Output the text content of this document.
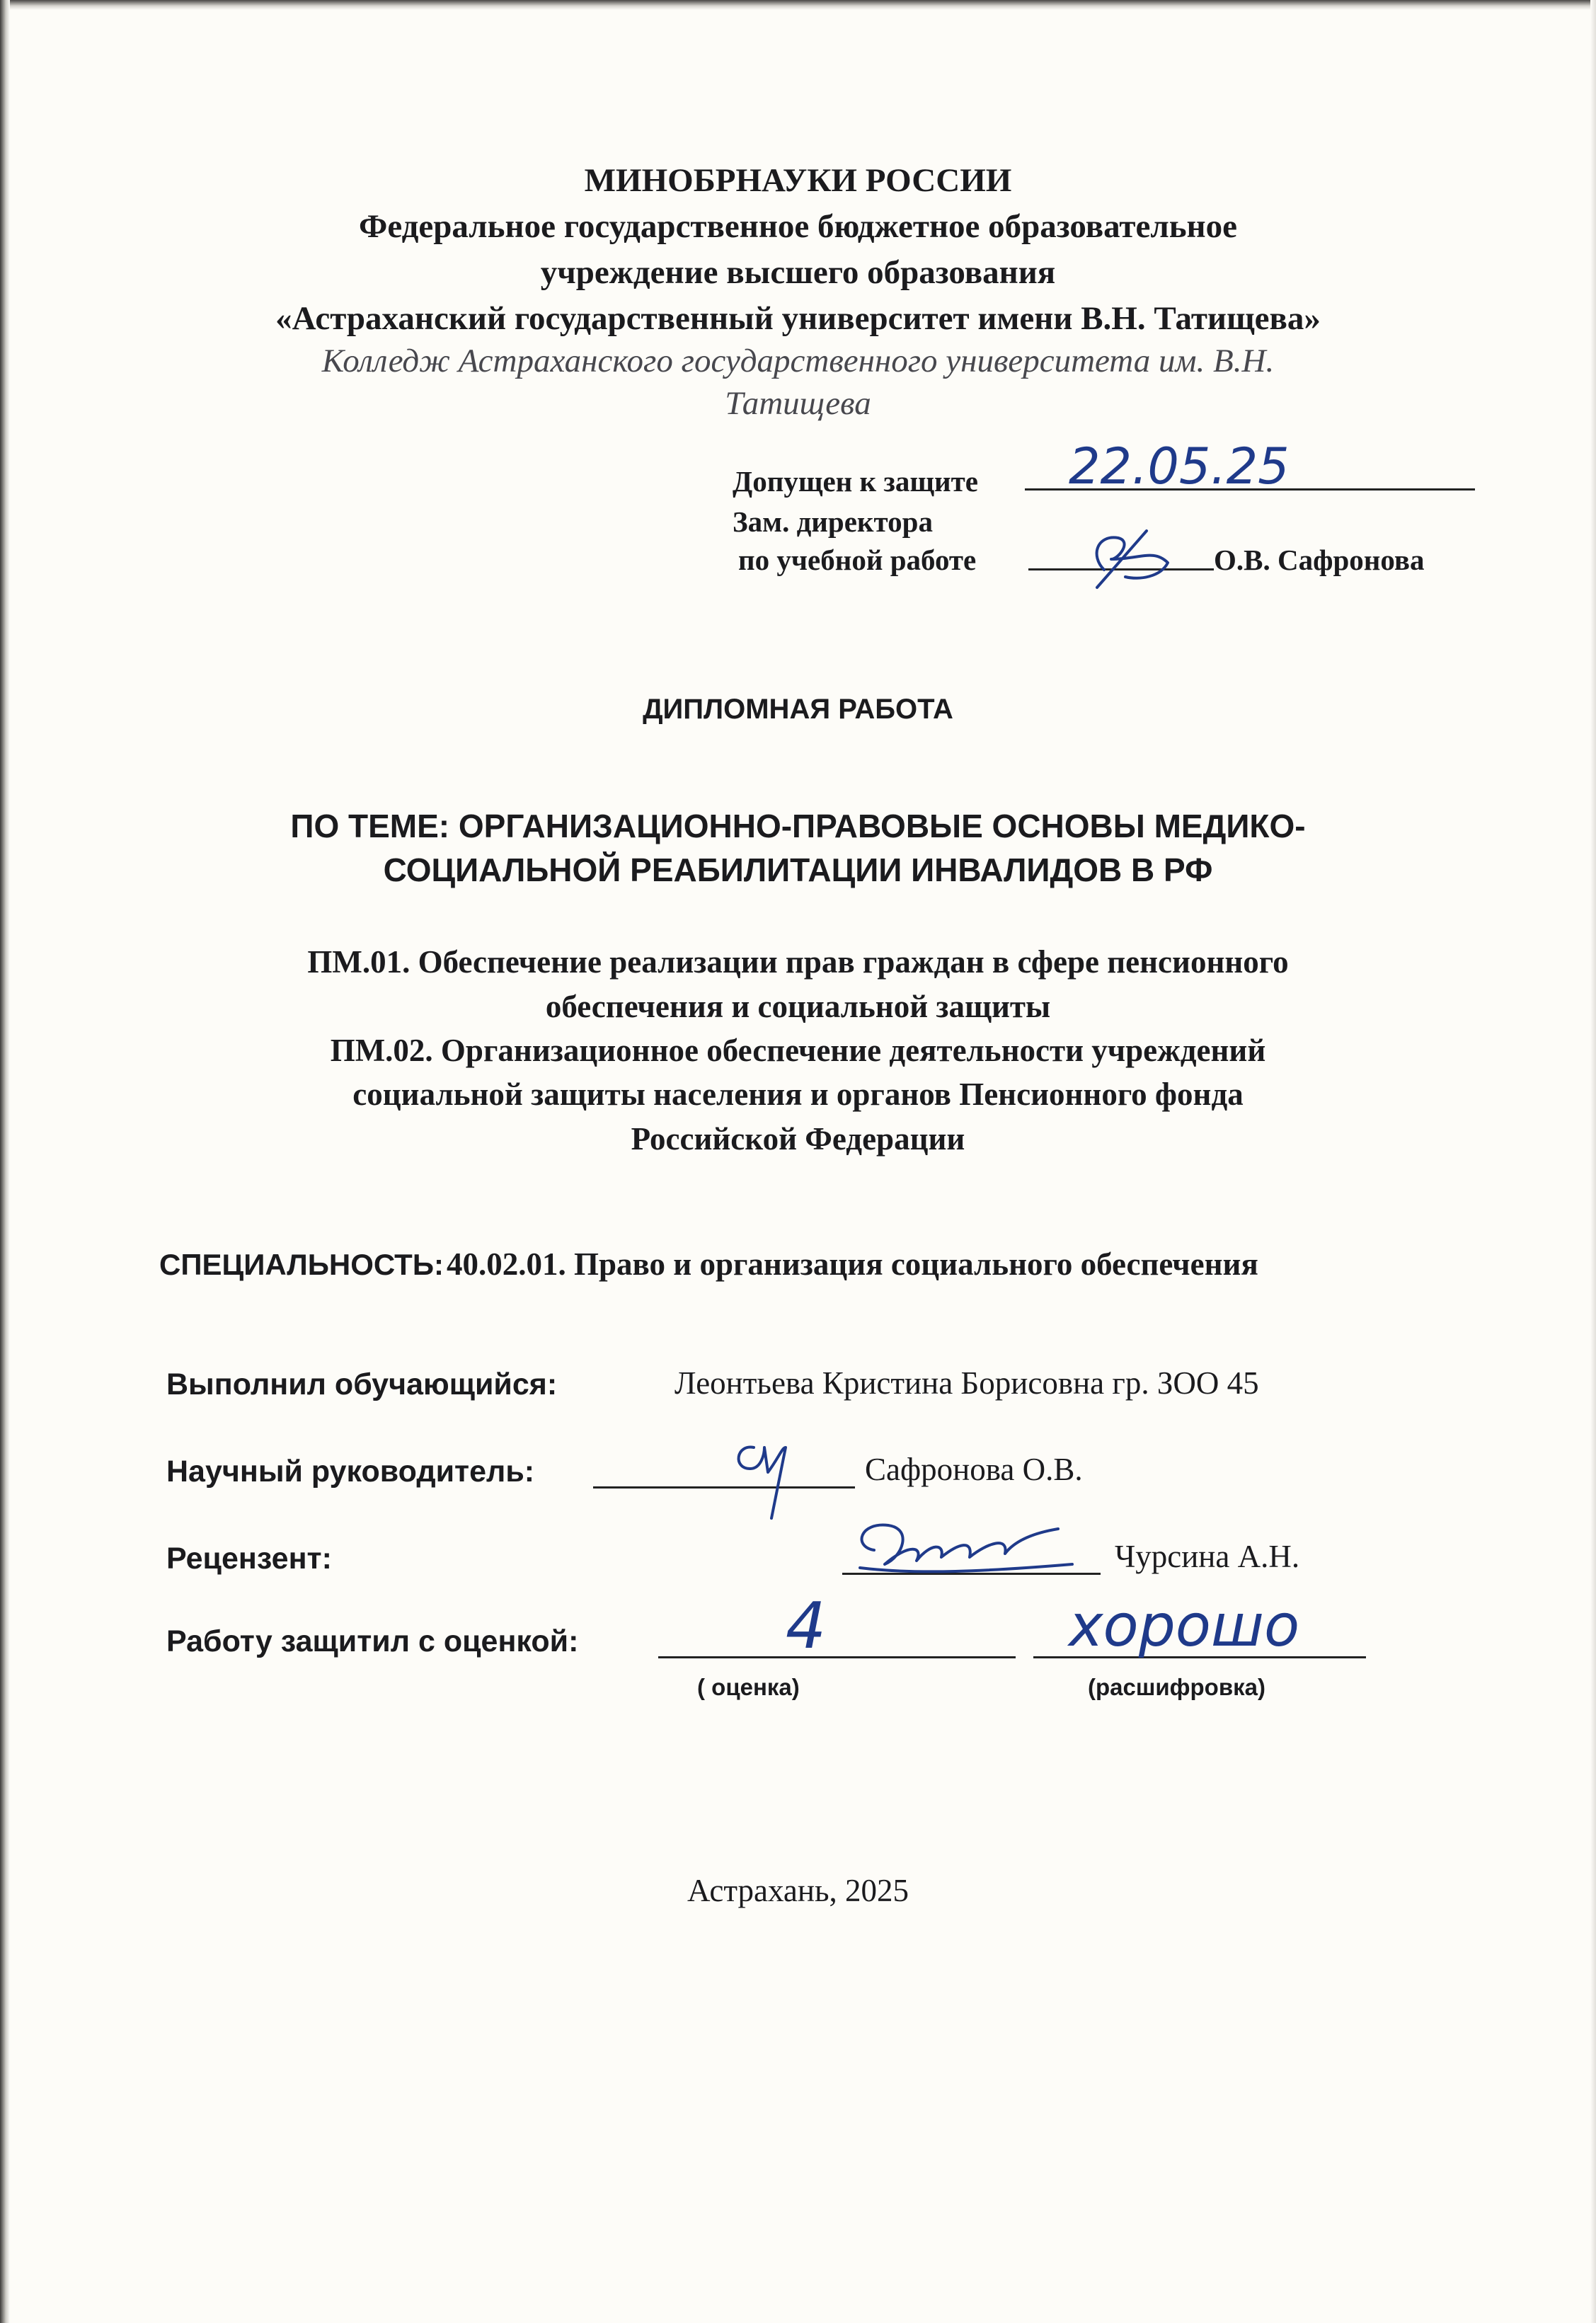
МИНОБРНАУКИ РОССИИ
Федеральное государственное бюджетное образовательное
учреждение высшего образования
«Астраханский государственный университет имени В.Н. Татищева»
Колледж Астраханского государственного университета им. В.Н.
Татищева
Допущен к защите 22.05.25
Зам. директора
по учебной работе	О.В. Сафронова
ДИПЛОМНАЯ РАБОТА
ПО ТЕМЕ: ОРГАНИЗАЦИОННО-ПРАВОВЫЕ ОСНОВЫ МЕДИКО-
СОЦИАЛЬНОЙ РЕАБИЛИТАЦИИ ИНВАЛИДОВ В РФ
ПМ.01. Обеспечение реализации прав граждан в сфере пенсионного
обеспечения и социальной защиты
ПМ.02. Организационное обеспечение деятельности учреждений
социальной защиты населения и органов Пенсионного фонда
Российской Федерации
СПЕЦИАЛЬНОСТЬ: 40.02.01. Право и организация социального обеспечения
Выполнил обучающийся:	Леонтьева Кристина Борисовна гр. ЗОО 45
Научный руководитель:	Сафронова О.В.
Рецензент:	Чурсина А.Н.
Работу защитил с оценкой:	4	хорошо
( оценка)	(расшифровка)
Астрахань, 2025
